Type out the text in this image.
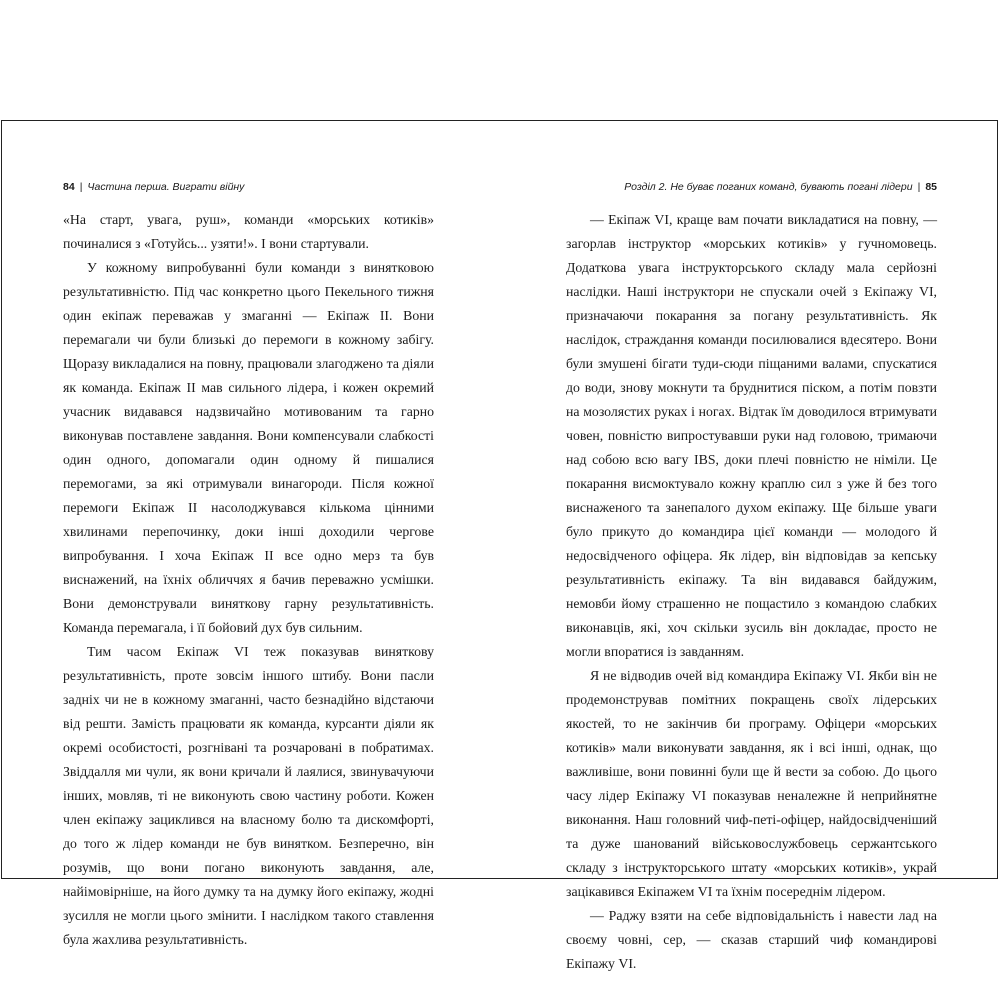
84 | Частина перша. Виграти війну

«На старт, увага, руш», команди «морських котиків» починалися з «Готуйсь... узяти!». І вони стартували.

У кожному випробуванні були команди з винятковою результативністю. Під час конкретно цього Пекельного тижня один екіпаж переважав у змаганні — Екіпаж ІІ. Вони перемагали чи були близькі до перемоги в кожному забігу. Щоразу викладалися на повну, працювали злагоджено та діяли як команда. Екіпаж ІІ мав сильного лідера, і кожен окремий учасник видавався надзвичайно мотивованим та гарно виконував поставлене завдання. Вони компенсували слабкості один одного, допомагали один одному й пишалися перемогами, за які отримували винагороди. Після кожної перемоги Екіпаж ІІ насолоджувався кількома цінними хвилинами перепочинку, доки інші доходили чергове випробування. І хоча Екіпаж ІІ все одно мерз та був виснажений, на їхніх обличчях я бачив переважно усмішки. Вони демонстрували виняткову гарну результативність. Команда перемагала, і її бойовий дух був сильним.

Тим часом Екіпаж VI теж показував виняткову результативність, проте зовсім іншого штибу. Вони пасли задніх чи не в кожному змаганні, часто безнадійно відстаючи від решти. Замість працювати як команда, курсанти діяли як окремі особистості, розгнівані та розчаровані в побратимах. Звіддалля ми чули, як вони кричали й лаялися, звинувачуючи інших, мовляв, ті не виконують свою частину роботи. Кожен член екіпажу зациклився на власному болю та дискомфорті, до того ж лідер команди не був винятком. Безперечно, він розумів, що вони погано виконують завдання, але, найімовірніше, на його думку та на думку його екіпажу, жодні зусилля не могли цього змінити. І наслідком такого ставлення була жахлива результативність.

Розділ 2. Не буває поганих команд, бувають погані лідери | 85

— Екіпаж VI, краще вам почати викладатися на повну, — загорлав інструктор «морських котиків» у гучномовець. Додаткова увага інструкторського складу мала серйозні наслідки. Наші інструктори не спускали очей з Екіпажу VI, призначаючи покарання за погану результативність. Як наслідок, страждання команди посилювалися вдесятеро. Вони були змушені бігати туди-сюди піщаними валами, спускатися до води, знову мокнути та бруднитися піском, а потім повзти на мозолястих руках і ногах. Відтак їм доводилося втримувати човен, повністю випростувавши руки над головою, тримаючи над собою всю вагу IBS, доки плечі повністю не німіли. Це покарання висмоктувало кожну краплю сил з уже й без того виснаженого та занепалого духом екіпажу. Ще більше уваги було прикуто до командира цієї команди — молодого й недосвідченого офіцера. Як лідер, він відповідав за кепську результативність екіпажу. Та він видавався байдужим, немовби йому страшенно не пощастило з командою слабких виконавців, які, хоч скільки зусиль він докладає, просто не могли впоратися із завданням.

Я не відводив очей від командира Екіпажу VI. Якби він не продемонстрував помітних покращень своїх лідерських якостей, то не закінчив би програму. Офіцери «морських котиків» мали виконувати завдання, як і всі інші, однак, що важливіше, вони повинні були ще й вести за собою. До цього часу лідер Екіпажу VI показував неналежне й неприйнятне виконання. Наш головний чиф-петі-офіцер, найдосвідченіший та дуже шанований військовослужбовець сержантського складу з інструкторського штату «морських котиків», украй зацікавився Екіпажем VI та їхнім посереднім лідером.

— Раджу взяти на себе відповідальність і навести лад на своєму човні, сер, — сказав старший чиф командирові Екіпажу VI.
